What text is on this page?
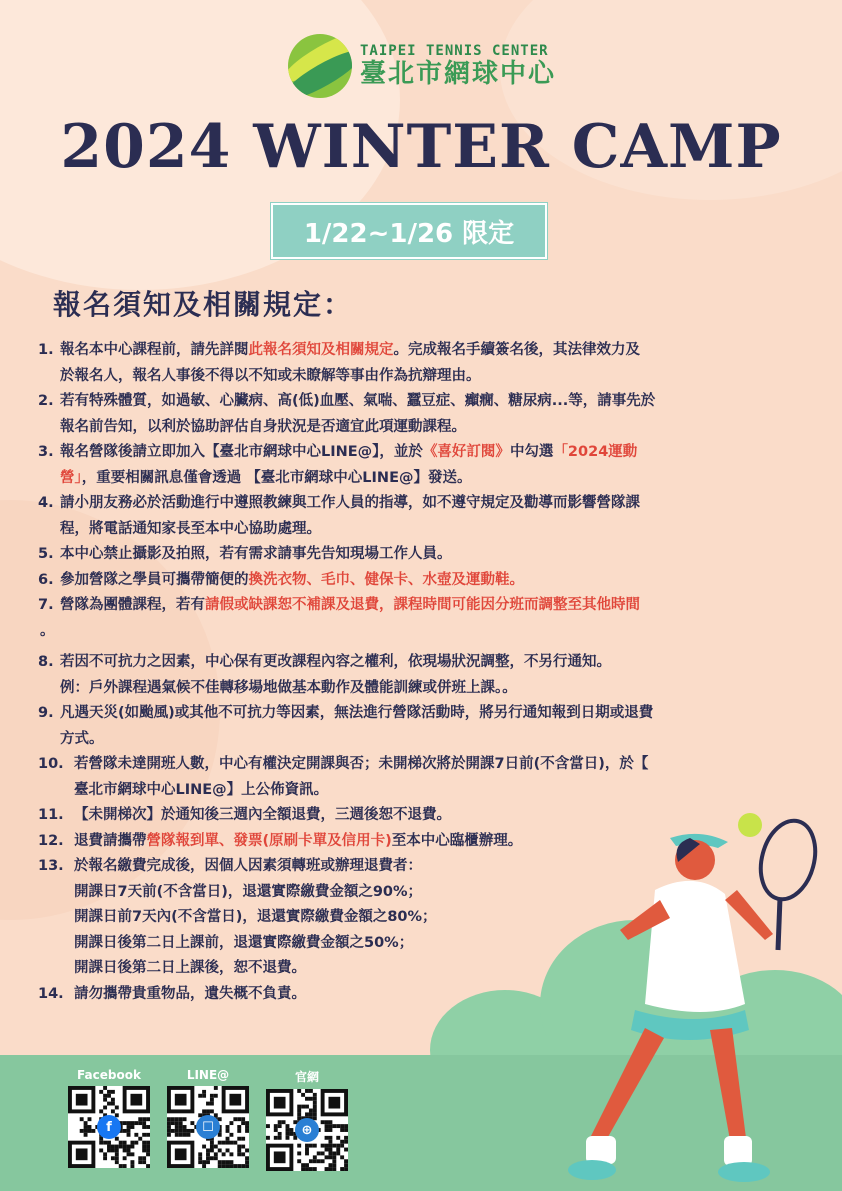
TAIPEI TENNIS CENTER
臺北市網球中心
2024 WINTER CAMP
1/22~1/26 限定
報名須知及相關規定：
1. 報名本中心課程前，請先詳閱此報名須知及相關規定。完成報名手續簽名後，其法律效力及
於報名人，報名人事後不得以不知或未瞭解等事由作為抗辯理由。
2. 若有特殊體質，如過敏、心臟病、高(低)血壓、氣喘、蠶豆症、癲癇、糖尿病...等，請事先於
報名前告知，以利於協助評估自身狀況是否適宜此項運動課程。
3. 報名營隊後請立即加入【臺北市網球中心LINE@】，並於《喜好訂閱》中勾選「2024運動
營」，重要相關訊息僅會透過 【臺北市網球中心LINE@】發送。
4. 請小朋友務必於活動進行中遵照教練與工作人員的指導，如不遵守規定及勸導而影響營隊課
程，將電話通知家長至本中心協助處理。
5. 本中心禁止攝影及拍照，若有需求請事先告知現場工作人員。
6. 參加營隊之學員可攜帶簡便的換洗衣物、毛巾、健保卡、水壺及運動鞋。
7. 營隊為團體課程，若有請假或缺課恕不補課及退費，課程時間可能因分班而調整至其他時間
。
8. 若因不可抗力之因素，中心保有更改課程內容之權利，依現場狀況調整，不另行通知。
例：戶外課程遇氣候不佳轉移場地做基本動作及體能訓練或併班上課。。
9. 凡遇天災(如颱風)或其他不可抗力等因素，無法進行營隊活動時，將另行通知報到日期或退費
方式。
10. 若營隊未達開班人數，中心有權決定開課與否；未開梯次將於開課7日前(不含當日)，於【
臺北市網球中心LINE@】上公佈資訊。
11. 【未開梯次】於通知後三週內全額退費，三週後恕不退費。
12. 退費請攜帶營隊報到單、發票(原刷卡單及信用卡)至本中心臨櫃辦理。
13. 於報名繳費完成後，因個人因素須轉班或辦理退費者：
開課日7天前(不含當日)，退還實際繳費金額之90%；
開課日前7天內(不含當日)，退還實際繳費金額之80%；
開課日後第二日上課前，退還實際繳費金額之50%；
開課日後第二日上課後，恕不退費。
14. 請勿攜帶貴重物品，遺失概不負責。
Facebook
f
LINE@
☐
官網
⊕
